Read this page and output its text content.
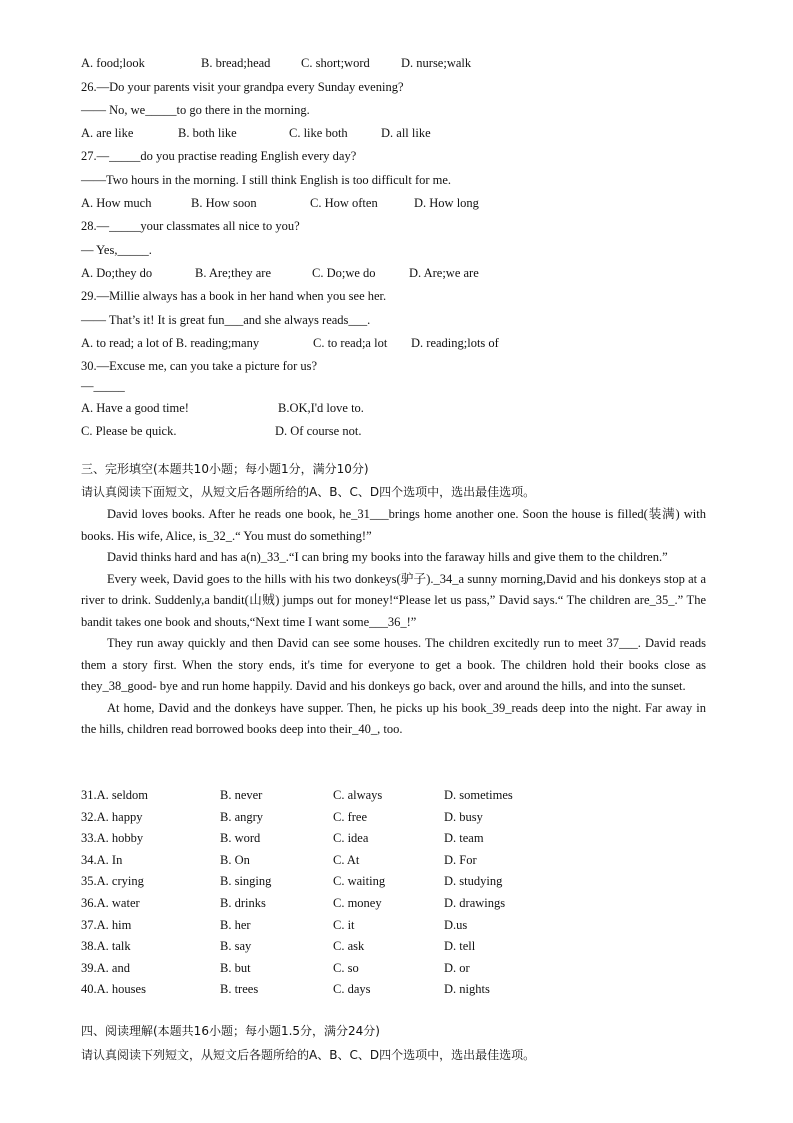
A. food;look	B. bread;head C. short;word	D. nurse;walk
26.—Do your parents visit your grandpa every Sunday evening?
—— No, we_____to go there in the morning.
A. are like	B. both like	C. like both	D. all like
27.—_____do you practise reading English every day?
——Two hours in the morning. I still think English is too difficult for me.
A. How much	B. How soon	C. How often	D. How long
28.—_____your classmates all nice to you?
— Yes,_____.
A. Do;they do	B. Are;they are	C. Do;we do	D. Are;we are
29.—Millie always has a book in her hand when you see her.
—— That’s it! It is great fun___and she always reads___.
A. to read; a lot of B. reading;many	C. to read;a lot D. reading;lots of
30.—Excuse me, can you take a picture for us?
—_____
A. Have a good time!	B.OK,I'd love to.
C. Please be quick.	D. Of course not.
三、完形填空(本题共10小题；每小题1分，满分10分)
请认真阅读下面短文，从短文后各题所给的A、B、C、D四个选项中，选出最佳选项。

David loves books. After he reads one book, he_31___brings home another one. Soon the house is filled(装满) with books. His wife, Alice, is_32_.“ You must do something!”

David thinks hard and has a(n)_33_.“I can bring my books into the faraway hills and give them to the children.”

Every week, David goes to the hills with his two donkeys(驴子)._34_a sunny morning,David and his donkeys stop at a river to drink. Suddenly,a bandit(山贼) jumps out for money!“Please let us pass,” David says.“ The children are_35_.” The bandit takes one book and shouts,“Next time I want some___36_!”

They run away quickly and then David can see some houses. The children excitedly run to meet 37___. David reads them a story first. When the story ends, it's time for everyone to get a book. The children hold their books close as they_38_good- bye and run home happily. David and his donkeys go back, over and around the hills, and into the sunset.

At home, David and the donkeys have supper. Then, he picks up his book_39_reads deep into the night. Far away in the hills, children read borrowed books deep into their_40_, too.

31.A. seldom	B. never	C. always	D. sometimes
32.A. happy	B. angry	C. free	D. busy
33.A. hobby	B. word	C. idea	D. team
34.A. In	B. On	C. At	D. For
35.A. crying	B. singing	C. waiting	D. studying
36.A. water	B. drinks	C. money	D. drawings
37.A. him	B. her	C. it	D.us
38.A. talk	B. say	C. ask	D. tell
39.A. and	B. but	C. so	D. or
40.A. houses	B. trees	C. days	D. nights
四、阅读理解(本题共16小题；每小题1.5分，满分24分)
请认真阅读下列短文，从短文后各题所给的A、B、C、D四个选项中，选出最佳选项。
